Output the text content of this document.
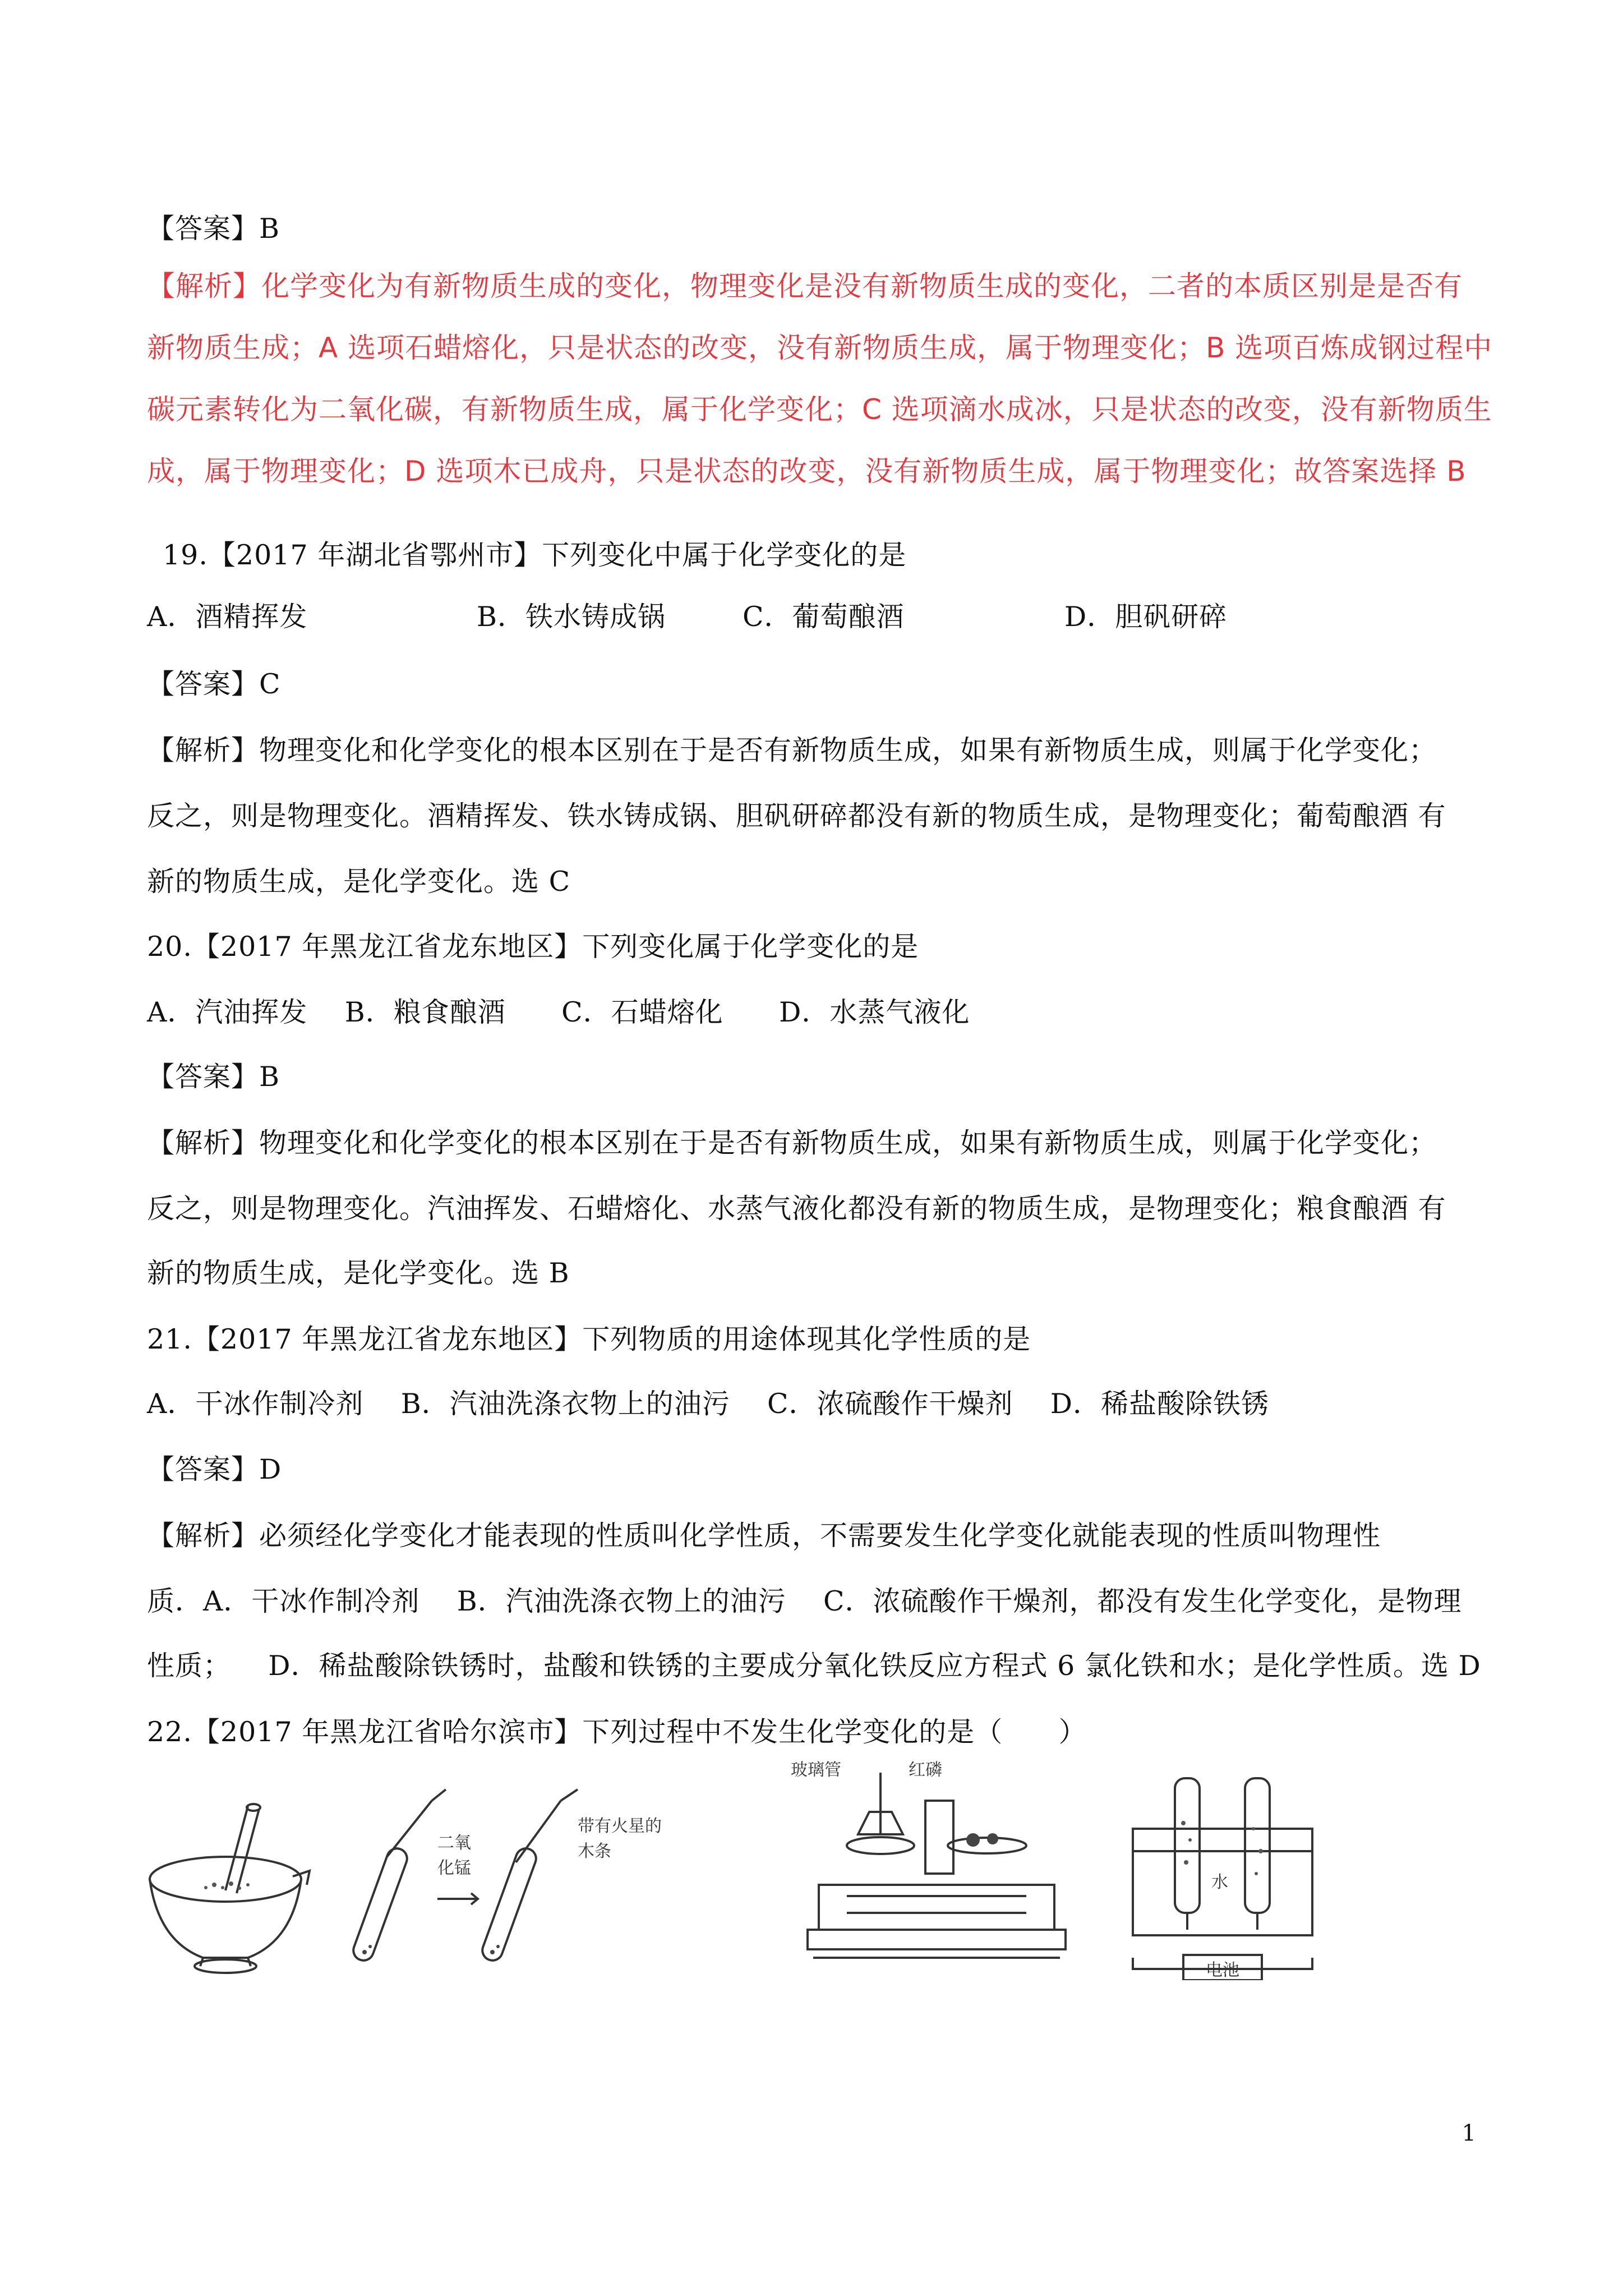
【答案】B
【解析】化学变化为有新物质生成的变化，物理变化是没有新物质生成的变化，二者的本质区别是是否有
新物质生成；A 选项石蜡熔化，只是状态的改变，没有新物质生成，属于物理变化；B 选项百炼成钢过程中
碳元素转化为二氧化碳，有新物质生成，属于化学变化；C 选项滴水成冰，只是状态的改变，没有新物质生
成，属于物理变化；D 选项木已成舟，只是状态的改变，没有新物质生成，属于物理变化；故答案选择 B
19.【2017 年湖北省鄂州市】下列变化中属于化学变化的是
A．酒精挥发	B．铁水铸成锅	C．葡萄酿酒	D．胆矾研碎
【答案】C
【解析】物理变化和化学变化的根本区别在于是否有新物质生成，如果有新物质生成，则属于化学变化；
反之，则是物理变化。酒精挥发、铁水铸成锅、胆矾研碎都没有新的物质生成，是物理变化；葡萄酿酒 有
新的物质生成，是化学变化。选 C
20.【2017 年黑龙江省龙东地区】下列变化属于化学变化的是
A．汽油挥发    B．粮食酿酒      C．石蜡熔化      D．水蒸气液化
【答案】B
【解析】物理变化和化学变化的根本区别在于是否有新物质生成，如果有新物质生成，则属于化学变化；
反之，则是物理变化。汽油挥发、石蜡熔化、水蒸气液化都没有新的物质生成，是物理变化；粮食酿酒 有
新的物质生成，是化学变化。选 B
21.【2017 年黑龙江省龙东地区】下列物质的用途体现其化学性质的是
A．干冰作制冷剂    B．汽油洗涤衣物上的油污    C．浓硫酸作干燥剂    D．稀盐酸除铁锈
【答案】D
【解析】必须经化学变化才能表现的性质叫化学性质，不需要发生化学变化就能表现的性质叫物理性
质．A．干冰作制冷剂    B．汽油洗涤衣物上的油污    C．浓硫酸作干燥剂，都没有发生化学变化，是物理
性质；    D．稀盐酸除铁锈时，盐酸和铁锈的主要成分氧化铁反应方程式 6 氯化铁和水；是化学性质。选 D
22.【2017 年黑龙江省哈尔滨市】下列过程中不发生化学变化的是（      ）
二氧
化锰
带有火星的
木条
玻璃管	红磷
水
电池
1
